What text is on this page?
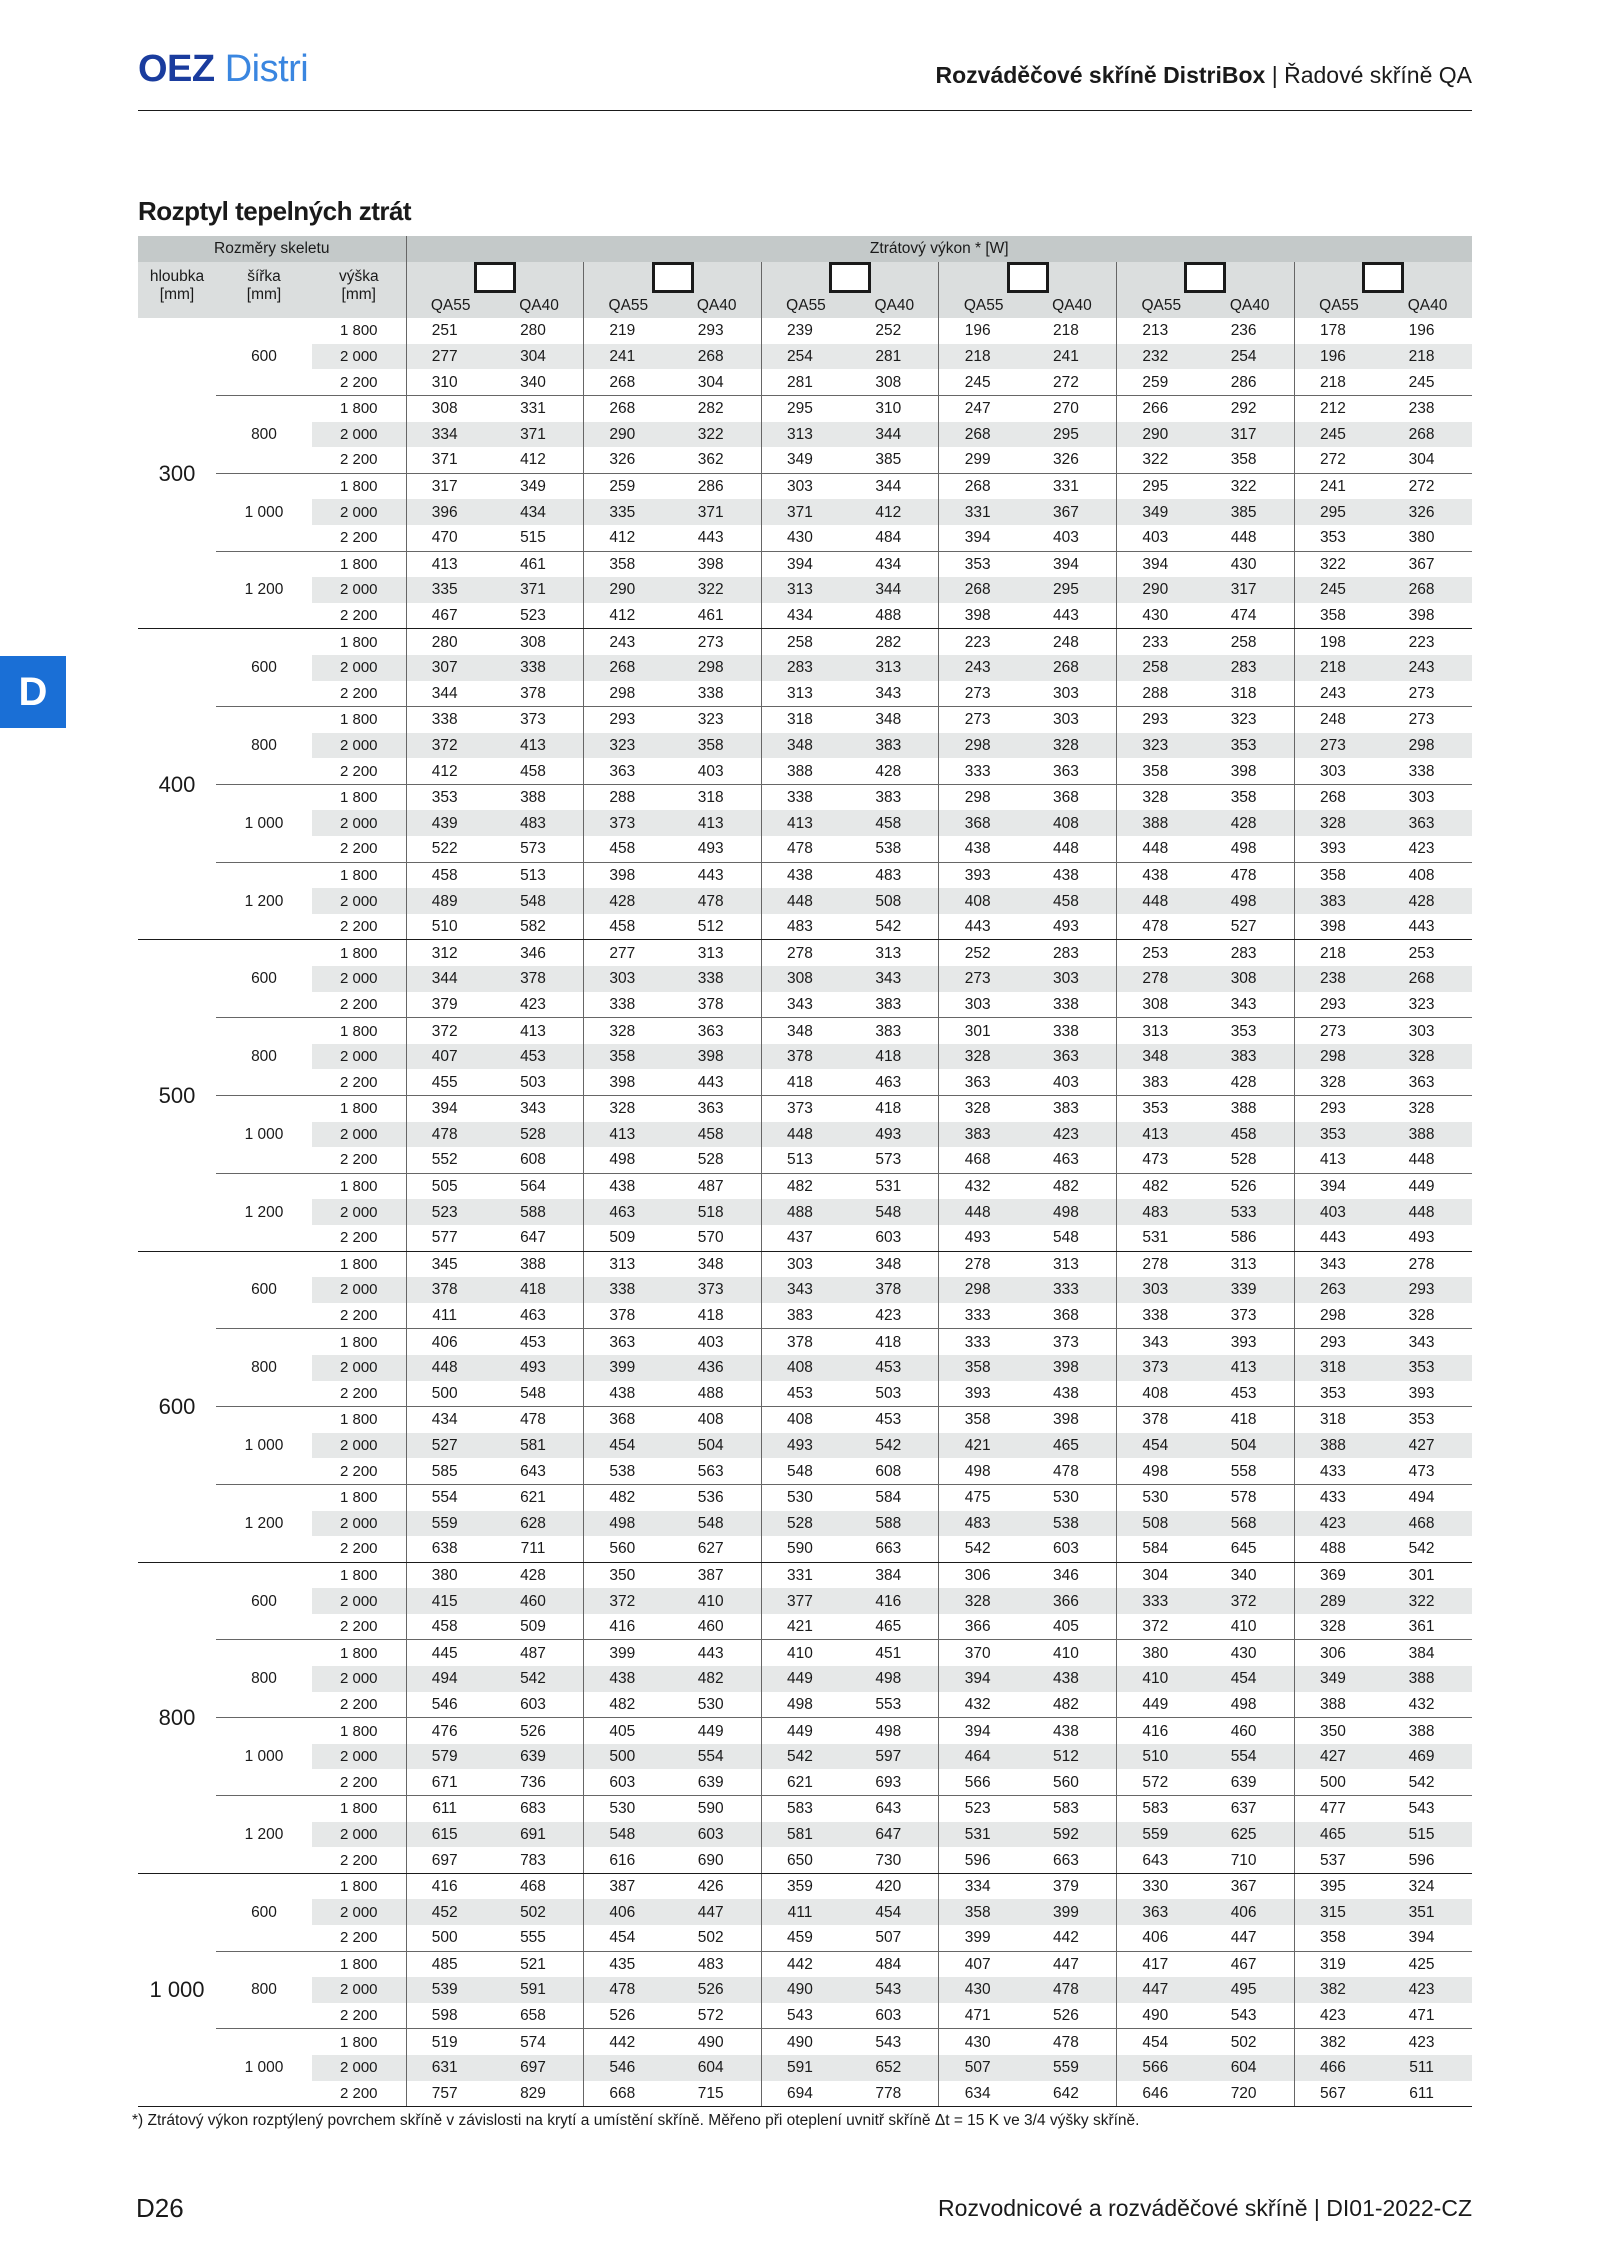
OEZ Distri	Rozváděčové skříně DistriBox | Řadové skříně QA
D
Rozptyl tepelných ztrát
Rozměry skeletu			Ztrátový výkon * [W]											
hloubka
[mm]	šířka
[mm]	výška
[mm]												
			QA55	QA40	QA55	QA40	QA55	QA40	QA55	QA40	QA55	QA40	QA55	QA40
300	600	1 800	251	280	219	293	239	252	196	218	213	236	178	196
		2 000	277	304	241	268	254	281	218	241	232	254	196	218
		2 200	310	340	268	304	281	308	245	272	259	286	218	245
	800	1 800	308	331	268	282	295	310	247	270	266	292	212	238
		2 000	334	371	290	322	313	344	268	295	290	317	245	268
		2 200	371	412	326	362	349	385	299	326	322	358	272	304
	1 000	1 800	317	349	259	286	303	344	268	331	295	322	241	272
		2 000	396	434	335	371	371	412	331	367	349	385	295	326
		2 200	470	515	412	443	430	484	394	403	403	448	353	380
	1 200	1 800	413	461	358	398	394	434	353	394	394	430	322	367
		2 000	335	371	290	322	313	344	268	295	290	317	245	268
		2 200	467	523	412	461	434	488	398	443	430	474	358	398
400	600	1 800	280	308	243	273	258	282	223	248	233	258	198	223
		2 000	307	338	268	298	283	313	243	268	258	283	218	243
		2 200	344	378	298	338	313	343	273	303	288	318	243	273
	800	1 800	338	373	293	323	318	348	273	303	293	323	248	273
		2 000	372	413	323	358	348	383	298	328	323	353	273	298
		2 200	412	458	363	403	388	428	333	363	358	398	303	338
	1 000	1 800	353	388	288	318	338	383	298	368	328	358	268	303
		2 000	439	483	373	413	413	458	368	408	388	428	328	363
		2 200	522	573	458	493	478	538	438	448	448	498	393	423
	1 200	1 800	458	513	398	443	438	483	393	438	438	478	358	408
		2 000	489	548	428	478	448	508	408	458	448	498	383	428
		2 200	510	582	458	512	483	542	443	493	478	527	398	443
500	600	1 800	312	346	277	313	278	313	252	283	253	283	218	253
		2 000	344	378	303	338	308	343	273	303	278	308	238	268
		2 200	379	423	338	378	343	383	303	338	308	343	293	323
	800	1 800	372	413	328	363	348	383	301	338	313	353	273	303
		2 000	407	453	358	398	378	418	328	363	348	383	298	328
		2 200	455	503	398	443	418	463	363	403	383	428	328	363
	1 000	1 800	394	343	328	363	373	418	328	383	353	388	293	328
		2 000	478	528	413	458	448	493	383	423	413	458	353	388
		2 200	552	608	498	528	513	573	468	463	473	528	413	448
	1 200	1 800	505	564	438	487	482	531	432	482	482	526	394	449
		2 000	523	588	463	518	488	548	448	498	483	533	403	448
		2 200	577	647	509	570	437	603	493	548	531	586	443	493
600	600	1 800	345	388	313	348	303	348	278	313	278	313	343	278
		2 000	378	418	338	373	343	378	298	333	303	339	263	293
		2 200	411	463	378	418	383	423	333	368	338	373	298	328
	800	1 800	406	453	363	403	378	418	333	373	343	393	293	343
		2 000	448	493	399	436	408	453	358	398	373	413	318	353
		2 200	500	548	438	488	453	503	393	438	408	453	353	393
	1 000	1 800	434	478	368	408	408	453	358	398	378	418	318	353
		2 000	527	581	454	504	493	542	421	465	454	504	388	427
		2 200	585	643	538	563	548	608	498	478	498	558	433	473
	1 200	1 800	554	621	482	536	530	584	475	530	530	578	433	494
		2 000	559	628	498	548	528	588	483	538	508	568	423	468
		2 200	638	711	560	627	590	663	542	603	584	645	488	542
800	600	1 800	380	428	350	387	331	384	306	346	304	340	369	301
		2 000	415	460	372	410	377	416	328	366	333	372	289	322
		2 200	458	509	416	460	421	465	366	405	372	410	328	361
	800	1 800	445	487	399	443	410	451	370	410	380	430	306	384
		2 000	494	542	438	482	449	498	394	438	410	454	349	388
		2 200	546	603	482	530	498	553	432	482	449	498	388	432
	1 000	1 800	476	526	405	449	449	498	394	438	416	460	350	388
		2 000	579	639	500	554	542	597	464	512	510	554	427	469
		2 200	671	736	603	639	621	693	566	560	572	639	500	542
	1 200	1 800	611	683	530	590	583	643	523	583	583	637	477	543
		2 000	615	691	548	603	581	647	531	592	559	625	465	515
		2 200	697	783	616	690	650	730	596	663	643	710	537	596
1 000	600	1 800	416	468	387	426	359	420	334	379	330	367	395	324
		2 000	452	502	406	447	411	454	358	399	363	406	315	351
		2 200	500	555	454	502	459	507	399	442	406	447	358	394
	800	1 800	485	521	435	483	442	484	407	447	417	467	319	425
		2 000	539	591	478	526	490	543	430	478	447	495	382	423
		2 200	598	658	526	572	543	603	471	526	490	543	423	471
	1 000	1 800	519	574	442	490	490	543	430	478	454	502	382	423
		2 000	631	697	546	604	591	652	507	559	566	604	466	511
		2 200	757	829	668	715	694	778	634	642	646	720	567	611
*) Ztrátový výkon rozptýlený povrchem skříně v závislosti na krytí a umístění skříně. Měřeno při oteplení uvnitř skříně Δt = 15 K ve 3/4 výšky skříně.
D26	Rozvodnicové a rozváděčové skříně | DI01-2022-CZ
